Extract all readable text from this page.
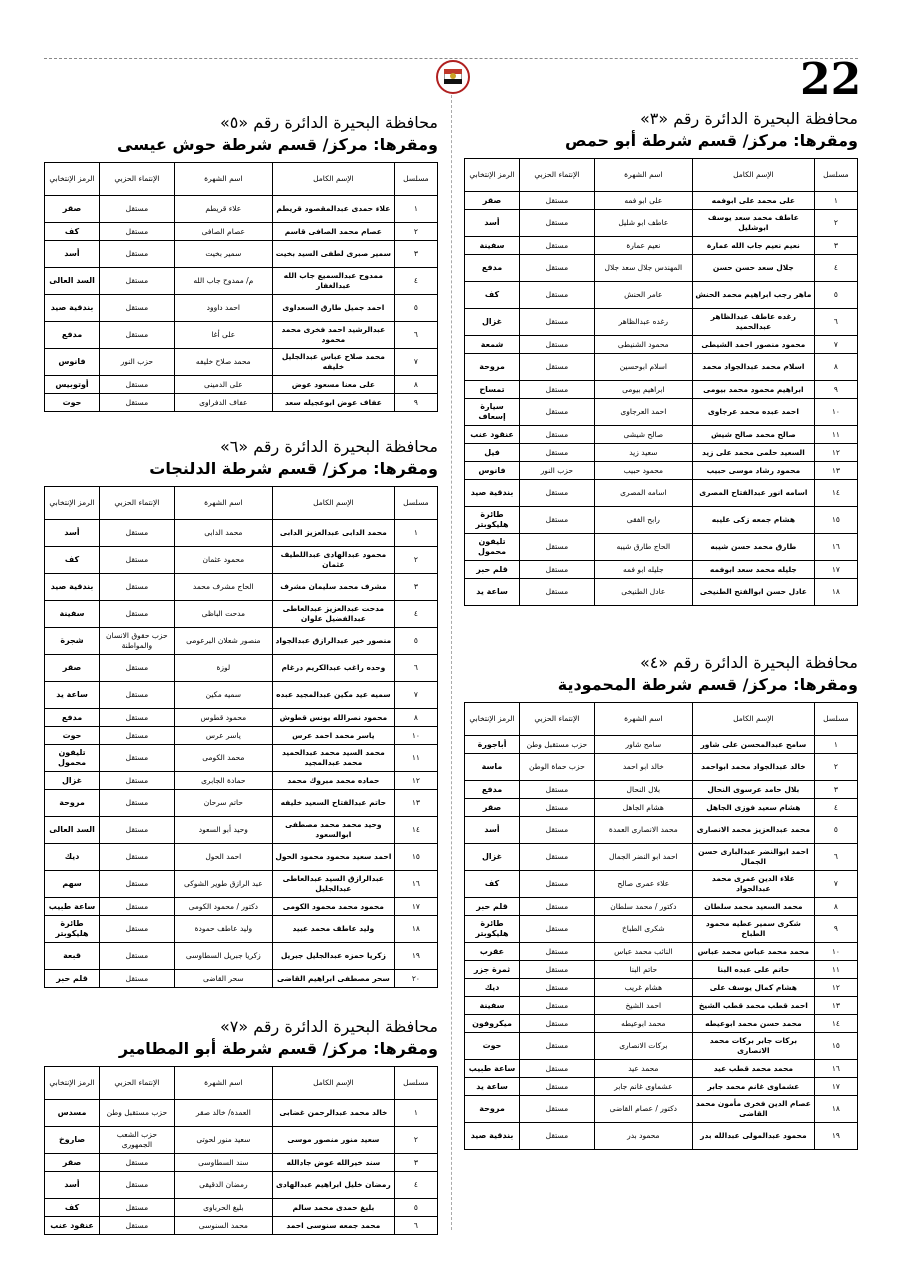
22
محافظة البحيرة الدائرة رقم «٣»
ومقرها: مركز/ قسم شرطة أبو حمص
مسلسل	الإسم الكامل	اسم الشهرة	الإنتماء الحزبي	الرمز الإنتخابي
١	على محمد على ابوفمه	على ابو فمه	مستقل	صقر
٢	عاطف محمد سعد يوسف ابوشليل	عاطف ابو شليل	مستقل	أسد
٣	نعيم نعيم جاب الله عمارة	نعيم عمارة	مستقل	سفينة
٤	جلال سعد حسن حسن	المهندس جلال سعد جلال	مستقل	مدفع
٥	ماهر رجب ابراهيم محمد الحنش	عامر الحنش	مستقل	كف
٦	رغده عاطف عبدالظاهر عبدالحميد	رغده عبدالظاهر	مستقل	غزال
٧	محمود منصور احمد الشيطى	محمود الشنيطى	مستقل	شمعة
٨	اسلام محمد عبدالجواد محمد	اسلام ابوحسين	مستقل	مروحة
٩	ابراهيم محمود محمد بيومى	ابراهيم بيومى	مستقل	تمساح
١٠	احمد عبده محمد عرجاوى	احمد العرجاوى	مستقل	سيارة إسعاف
١١	صالح محمد صالح شيش	صالح شيشى	مستقل	عنقود عنب
١٢	السعيد حلمى محمد على زيد	سعيد زيد	مستقل	فيل
١٣	محمود رشاد موسى حبيب	محمود حبيب	حزب النور	فانوس
١٤	اسامه انور عبدالفتاح المصرى	اسامه المصرى	مستقل	بندقية صيد
١٥	هشام جمعه زكى عليبه	رابح الفقى	مستقل	طائرة هليكوبتر
١٦	طارق محمد حسن شيبه	الحاج طارق شيبه	مستقل	تليفون محمول
١٧	جليله محمد سعد ابوفمه	جليله ابو فمه	مستقل	قلم حبر
١٨	عادل حسن ابوالفتح الطنيخى	عادل الطنيخى	مستقل	ساعة يد
محافظة البحيرة الدائرة رقم «٤»
ومقرها: مركز/ قسم شرطة المحمودية
مسلسل	الإسم الكامل	اسم الشهرة	الإنتماء الحزبي	الرمز الإنتخابي
١	سامح عبدالمحسن على شاور	سامح شاور	حزب مستقبل وطن	أباجورة
٢	خالد عبدالجواد محمد ابواحمد	خالد ابو احمد	حزب حماة الوطن	ماسة
٣	بلال حامد عرسوى النحال	بلال النحال	مستقل	مدفع
٤	هشام سعيد فوزى الجاهل	هشام الجاهل	مستقل	صقر
٥	محمد عبدالعزيز محمد الانصارى	محمد الانصارى العمدة	مستقل	أسد
٦	احمد ابوالنضر عبدالبارى حسن الجمال	احمد ابو النضر الجمال	مستقل	غزال
٧	علاء الدين عمرى محمد عبدالجواد	علاء عمرى صالح	مستقل	كف
٨	محمد السعيد محمد سلطان	دكتور / محمد سلطان	مستقل	قلم حبر
٩	شكرى سمير عطيه محمود الطباخ	شكرى الطباخ	مستقل	طائرة هليكوبتر
١٠	محمد محمد عباس محمد عباس	النائب محمد عباس	مستقل	عقرب
١١	حاتم على عبده البنا	حاتم البنا	مستقل	ثمرة جزر
١٢	هشام كمال يوسف على	هشام غريب	مستقل	ديك
١٣	احمد قطب محمد قطب الشيخ	احمد الشيخ	مستقل	سفينة
١٤	محمد حسن محمد ابوعيطه	محمد ابوعيطه	مستقل	ميكروفون
١٥	بركات جابر بركات محمد الانصارى	بركات الانصارى	مستقل	حوت
١٦	محمد محمد قطب عيد	محمد عيد	مستقل	ساعة طبيب
١٧	عشماوى غانم محمد جابر	عشماوى غانم جابر	مستقل	ساعة يد
١٨	عصام الدين فخرى مأمون محمد القاضى	دكتور / عصام القاضى	مستقل	مروحة
١٩	محمود عبدالمولى عبدالله بدر	محمود بدر	مستقل	بندقية صيد
محافظة البحيرة الدائرة رقم «٥»
ومقرها: مركز/ قسم شرطة حوش عيسى
مسلسل	الإسم الكامل	اسم الشهرة	الإنتماء الحزبي	الرمز الإنتخابي
١	علاء حمدى عبدالمقصود قريطم	علاء قريطم	مستقل	صقر
٢	عصام محمد الصافى قاسم	عصام الصافى	مستقل	كف
٣	سمير صبرى لطفى السيد بخيت	سمير بخيت	مستقل	أسد
٤	ممدوح عبدالسميع جاب الله عبدالغفار	م/ ممدوح جاب الله	مستقل	السد العالى
٥	احمد جميل طارق السعداوى	احمد داوود	مستقل	بندقية صيد
٦	عبدالرشيد احمد فخرى محمد محمود	على أغا	مستقل	مدفع
٧	محمد صلاح عباس عبدالجليل خليفه	محمد صلاح خليفه	حزب النور	فانوس
٨	على معنا مسعود عوض	على الدمينى	مستقل	أوتوبيس
٩	عفاف عوض ابوعجيله سعد	عفاف الدفراوى	مستقل	حوت
محافظة البحيرة الدائرة رقم «٦»
ومقرها: مركز/ قسم شرطة الدلنجات
مسلسل	الإسم الكامل	اسم الشهرة	الإنتماء الحزبي	الرمز الإنتخابي
١	محمد الدابى عبدالعزيز الدابى	محمد الدابى	مستقل	أسد
٢	محمود عبدالهادى عبداللطيف عثمان	محمود عثمان	مستقل	كف
٣	مشرف محمد سليمان مشرف	الحاج مشرف محمد	مستقل	بندقية صيد
٤	مدحت عبدالعزيز عبدالعاطى عبدالفضيل علوان	مدحت الباظى	مستقل	سفينة
٥	منصور خير عبدالرازق عبدالجواد	منصور شعلان البرعومى	حزب حقوق الانسان والمواطنة	شجرة
٦	وحده راغب عبدالكريم درغام	لوزة	مستقل	صقر
٧	سميه عيد مكين عبدالمجيد عبده	سميه مكين	مستقل	ساعة يد
٨	محمود نصرالله يونس قطوش	محمود قطوس	مستقل	مدفع
١٠	ياسر محمد احمد عرس	ياسر عرس	مستقل	حوت
١١	محمد السيد محمد عبدالحميد محمد عبدالمجيد	محمد الكومى	مستقل	تليفون محمول
١٢	حماده محمد مبروك محمد	حمادة الجابرى	مستقل	غزال
١٣	حاتم عبدالفتاح السعيد خليفه	حاتم سرحان	مستقل	مروحة
١٤	وحيد محمد محمد مصطفى ابوالسعود	وحيد أبو السعود	مستقل	السد العالى
١٥	احمد سعيد محمود محمود الحول	احمد الحول	مستقل	ديك
١٦	عبدالرازق السيد عبدالعاطى عبدالجليل	عبد الرازق طوير الشوكى	مستقل	سهم
١٧	محمود محمد محمود الكومى	دكتور / محمود الكومى	مستقل	ساعة طبيب
١٨	وليد عاطف محمد عبيد	وليد عاطف حمودة	مستقل	طائرة هليكوبتر
١٩	زكريا حمزه عبدالجليل جبريل	زكريا جبريل السطاوسى	مستقل	قبعة
٢٠	سحر مصطفى ابراهيم القاضى	سحر القاضى	مستقل	قلم حبر
محافظة البحيرة الدائرة رقم «٧»
ومقرها: مركز/ قسم شرطة أبو المطامير
مسلسل	الإسم الكامل	اسم الشهرة	الإنتماء الحزبي	الرمز الإنتخابي
١	خالد محمد عبدالرحمن غضابى	العمدة/ خالد صقر	حزب مستقبل وطن	مسدس
٢	سعيد منور منصور موسى	سعيد منور لحوتى	حزب الشعب الجمهورى	صاروخ
٣	سند خيرالله عوض جادالله	سند السطاوسى	مستقل	صقر
٤	رمضان خليل ابراهيم عبدالهادى	رمضان الدقيقى	مستقل	أسد
٥	بليغ حمدى محمد سالم	بليغ الحرباوى	مستقل	كف
٦	محمد جمعه سنوسى احمد	محمد السنوسى	مستقل	عنقود عنب
